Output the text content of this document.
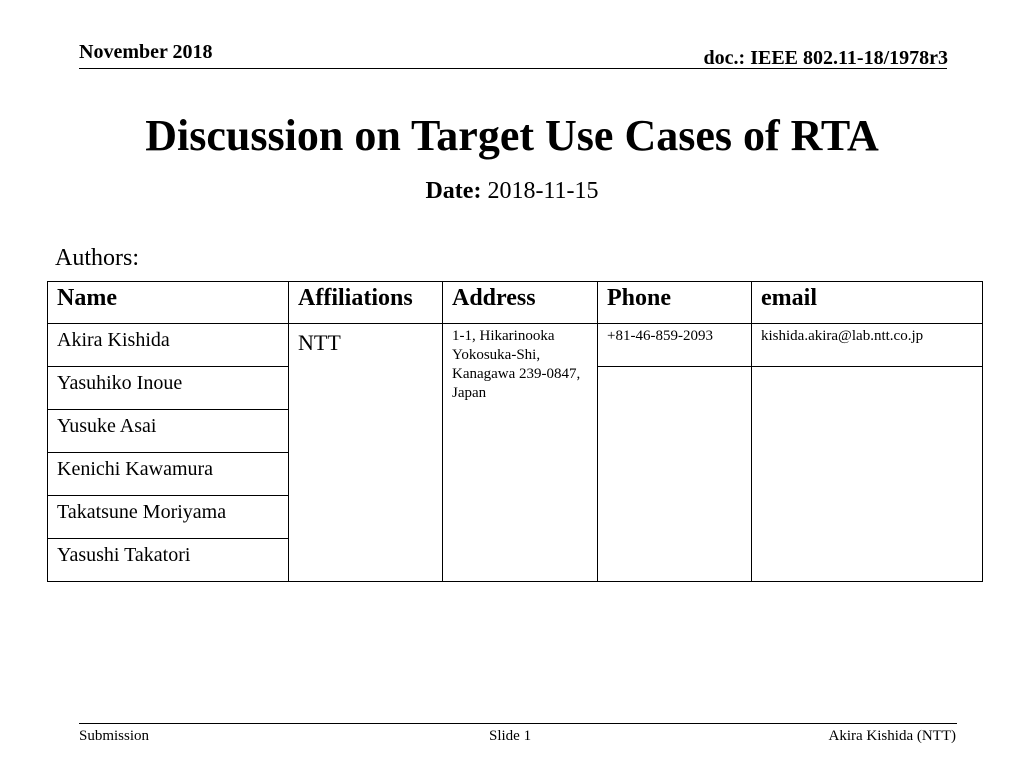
November 2018	doc.: IEEE 802.11-18/1978r3
Discussion on Target Use Cases of RTA
Date: 2018-11-15
Authors:
Name	Affiliations	Address	Phone	email
Akira Kishida	NTT	1-1, Hikarinooka Yokosuka-Shi, Kanagawa 239-0847, Japan	+81-46-859-2093	kishida.akira@lab.ntt.co.jp
Yasuhiko Inoue				
Yusuke Asai				
Kenichi Kawamura				
Takatsune Moriyama				
Yasushi Takatori				
Submission	Slide 1	Akira Kishida (NTT)
